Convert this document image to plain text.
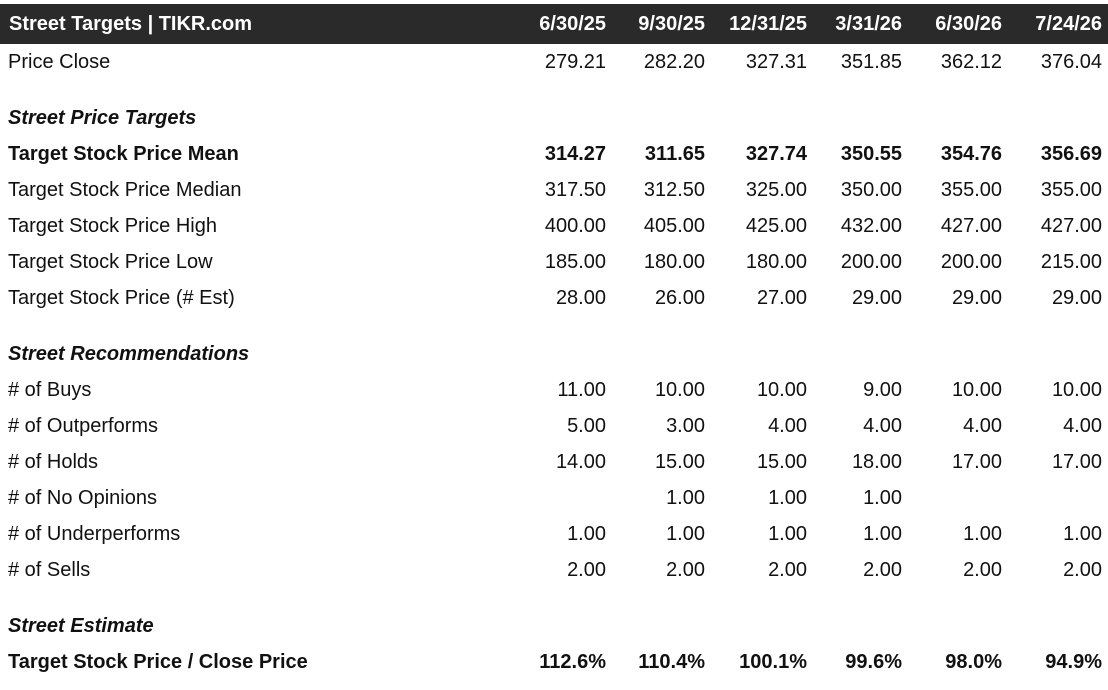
Street Targets | TIKR.com	6/30/25	9/30/25	12/31/25	3/31/26	6/30/26	7/24/26
Price Close	279.21	282.20	327.31	351.85	362.12	376.04

Street Price Targets						
Target Stock Price Mean	314.27	311.65	327.74	350.55	354.76	356.69
Target Stock Price Median	317.50	312.50	325.00	350.00	355.00	355.00
Target Stock Price High	400.00	405.00	425.00	432.00	427.00	427.00
Target Stock Price Low	185.00	180.00	180.00	200.00	200.00	215.00
Target Stock Price (# Est)	28.00	26.00	27.00	29.00	29.00	29.00

Street Recommendations						
# of Buys	11.00	10.00	10.00	9.00	10.00	10.00
# of Outperforms	5.00	3.00	4.00	4.00	4.00	4.00
# of Holds	14.00	15.00	15.00	18.00	17.00	17.00
# of No Opinions		1.00	1.00	1.00		
# of Underperforms	1.00	1.00	1.00	1.00	1.00	1.00
# of Sells	2.00	2.00	2.00	2.00	2.00	2.00

Street Estimate						
Target Stock Price / Close Price	112.6%	110.4%	100.1%	99.6%	98.0%	94.9%
